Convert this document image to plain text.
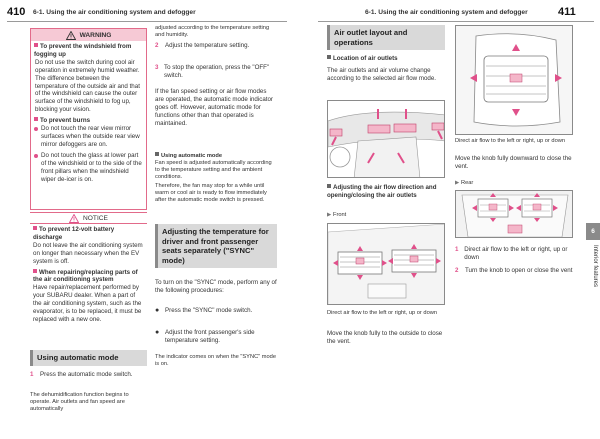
410 6-1. Using the air conditioning system and defogger	6-1. Using the air conditioning system and defogger	411
WARNING
To prevent the windshield from fogging up
Do not use the switch during cool air operation in extremely humid weather. The difference between the temperature of the outside air and that of the windshield can cause the outer surface of the windshield to fog up, blocking your vision.
To prevent burns
Do not touch the rear view mirror surfaces when the outside rear view mirror defoggers are on.
Do not touch the glass at lower part of the windshield or to the side of the front pillars when the windshield wiper de-icer is on.
NOTICE
To prevent 12-volt battery discharge
Do not leave the air conditioning system on longer than necessary when the EV system is off.
When repairing/replacing parts of the air conditioning system
Have repair/replacement performed by your SUBARU dealer. When a part of the air conditioning system, such as the evaporator, is to be replaced, it must be replaced with a new one.
Using automatic mode
1	Press the automatic mode switch.
The dehumidification function begins to operate. Air outlets and fan speed are automatically
adjusted according to the temperature setting and humidity.
2	Adjust the temperature setting.
3 To stop the operation, press the "OFF" switch.
If the fan speed setting or air flow modes are operated, the automatic mode indicator goes off. However, automatic mode for functions other than that operated is maintained.
Using automatic mode
Fan speed is adjusted automatically according to the temperature setting and the ambient conditions.
Therefore, the fan may stop for a while until warm or cool air is ready to flow immediately after the automatic mode switch is pressed.
Adjusting the temperature for driver and front passenger seats separately ("SYNC" mode)
To turn on the "SYNC" mode, perform any of the following procedures:
● Press the "SYNC" mode switch.
● Adjust the front passenger's side temperature setting.
The indicator comes on when the "SYNC" mode is on.
Air outlet layout and operations
Location of air outlets
The air outlets and air volume change according to the selected air flow mode.
Adjusting the air flow direction and opening/closing the air outlets
▶ Front
Direct air flow to the left or right, up or down
Move the knob fully to the outside to close the vent.
Direct air flow to the left or right, up or down
Move the knob fully downward to close the vent.
▶ Rear
1 Direct air flow to the left or right, up or down
2	Turn the knob to open or close the vent
6
Interior features
